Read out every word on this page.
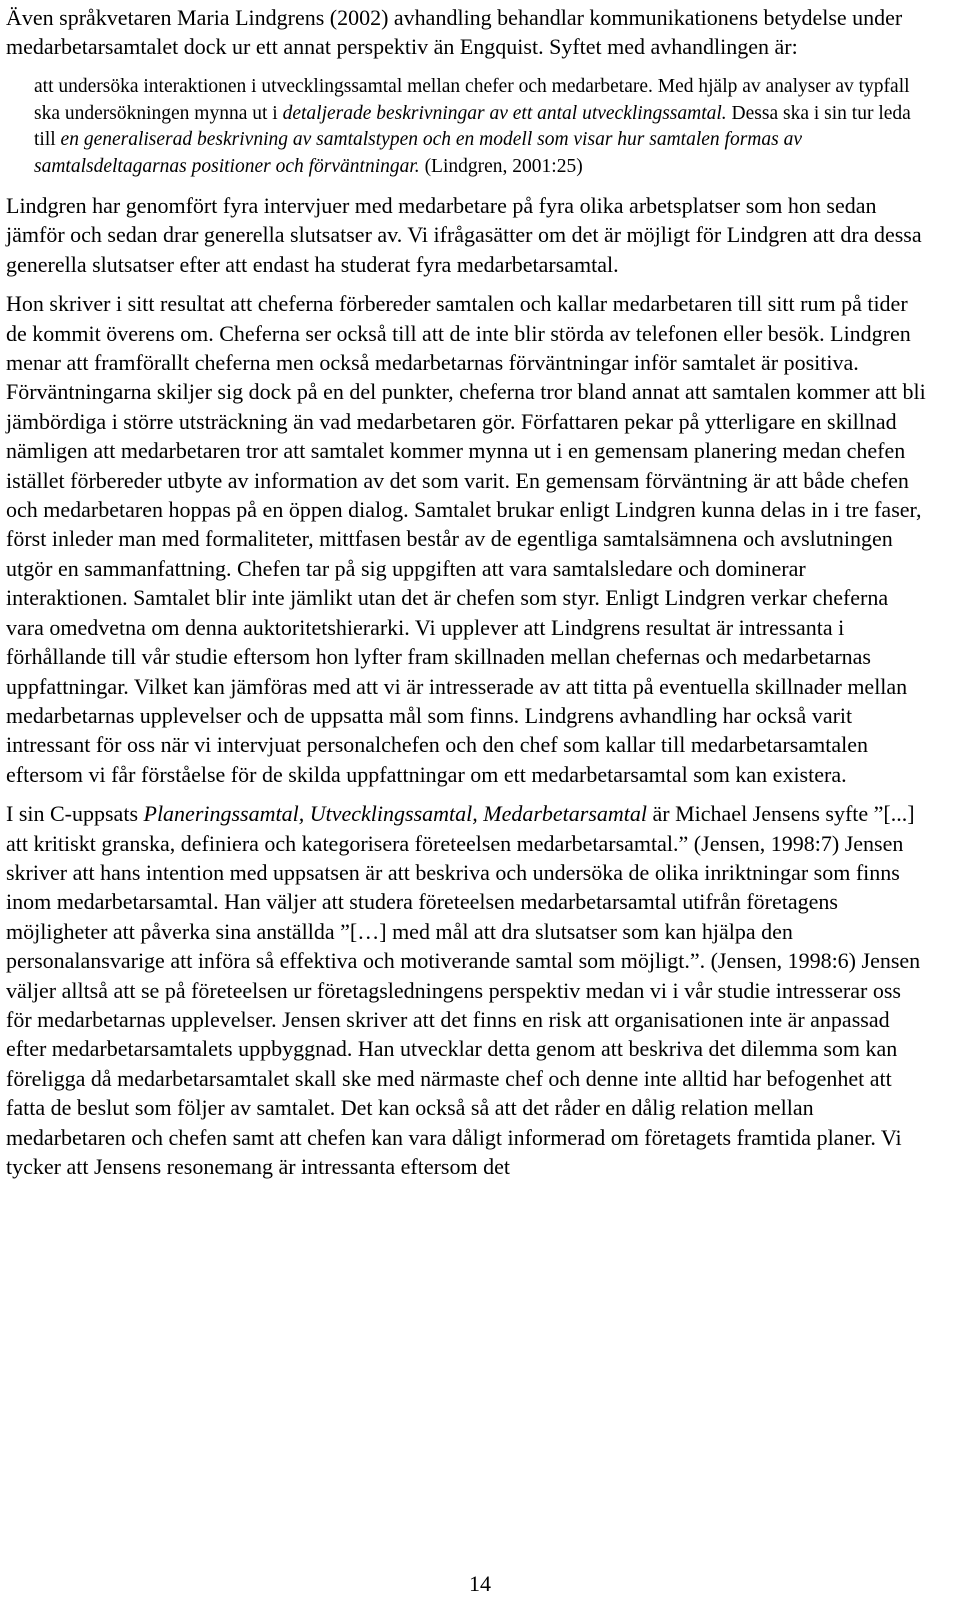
Även språkvetaren Maria Lindgrens (2002) avhandling behandlar kommunikationens betydelse under medarbetarsamtalet dock ur ett annat perspektiv än Engquist. Syftet med avhandlingen är:

att undersöka interaktionen i utvecklingssamtal mellan chefer och medarbetare. Med hjälp av analyser av typfall ska undersökningen mynna ut i detaljerade beskrivningar av ett antal utvecklingssamtal. Dessa ska i sin tur leda till en generaliserad beskrivning av samtalstypen och en modell som visar hur samtalen formas av samtalsdeltagarnas positioner och förväntningar. (Lindgren, 2001:25)

Lindgren har genomfört fyra intervjuer med medarbetare på fyra olika arbetsplatser som hon sedan jämför och sedan drar generella slutsatser av. Vi ifrågasätter om det är möjligt för Lindgren att dra dessa generella slutsatser efter att endast ha studerat fyra medarbetarsamtal.

Hon skriver i sitt resultat att cheferna förbereder samtalen och kallar medarbetaren till sitt rum på tider de kommit överens om. Cheferna ser också till att de inte blir störda av telefonen eller besök. Lindgren menar att framförallt cheferna men också medarbetarnas förväntningar inför samtalet är positiva. Förväntningarna skiljer sig dock på en del punkter, cheferna tror bland annat att samtalen kommer att bli jämbördiga i större utsträckning än vad medarbetaren gör. Författaren pekar på ytterligare en skillnad nämligen att medarbetaren tror att samtalet kommer mynna ut i en gemensam planering medan chefen istället förbereder utbyte av information av det som varit. En gemensam förväntning är att både chefen och medarbetaren hoppas på en öppen dialog. Samtalet brukar enligt Lindgren kunna delas in i tre faser, först inleder man med formaliteter, mittfasen består av de egentliga samtalsämnena och avslutningen utgör en sammanfattning. Chefen tar på sig uppgiften att vara samtalsledare och dominerar interaktionen. Samtalet blir inte jämlikt utan det är chefen som styr. Enligt Lindgren verkar cheferna vara omedvetna om denna auktoritetshierarki. Vi upplever att Lindgrens resultat är intressanta i förhållande till vår studie eftersom hon lyfter fram skillnaden mellan chefernas och medarbetarnas uppfattningar. Vilket kan jämföras med att vi är intresserade av att titta på eventuella skillnader mellan medarbetarnas upplevelser och de uppsatta mål som finns. Lindgrens avhandling har också varit intressant för oss när vi intervjuat personalchefen och den chef som kallar till medarbetarsamtalen eftersom vi får förståelse för de skilda uppfattningar om ett medarbetarsamtal som kan existera.

I sin C-uppsats Planeringssamtal, Utvecklingssamtal, Medarbetarsamtal är Michael Jensens syfte ”[...] att kritiskt granska, definiera och kategorisera företeelsen medarbetarsamtal.” (Jensen, 1998:7) Jensen skriver att hans intention med uppsatsen är att beskriva och undersöka de olika inriktningar som finns inom medarbetarsamtal. Han väljer att studera företeelsen medarbetarsamtal utifrån företagens möjligheter att påverka sina anställda ”[…] med mål att dra slutsatser som kan hjälpa den personalansvarige att införa så effektiva och motiverande samtal som möjligt.”. (Jensen, 1998:6) Jensen väljer alltså att se på företeelsen ur företagsledningens perspektiv medan vi i vår studie intresserar oss för medarbetarnas upplevelser. Jensen skriver att det finns en risk att organisationen inte är anpassad efter medarbetarsamtalets uppbyggnad. Han utvecklar detta genom att beskriva det dilemma som kan föreligga då medarbetarsamtalet skall ske med närmaste chef och denne inte alltid har befogenhet att fatta de beslut som följer av samtalet. Det kan också så att det råder en dålig relation mellan medarbetaren och chefen samt att chefen kan vara dåligt informerad om företagets framtida planer. Vi tycker att Jensens resonemang är intressanta eftersom det

14
